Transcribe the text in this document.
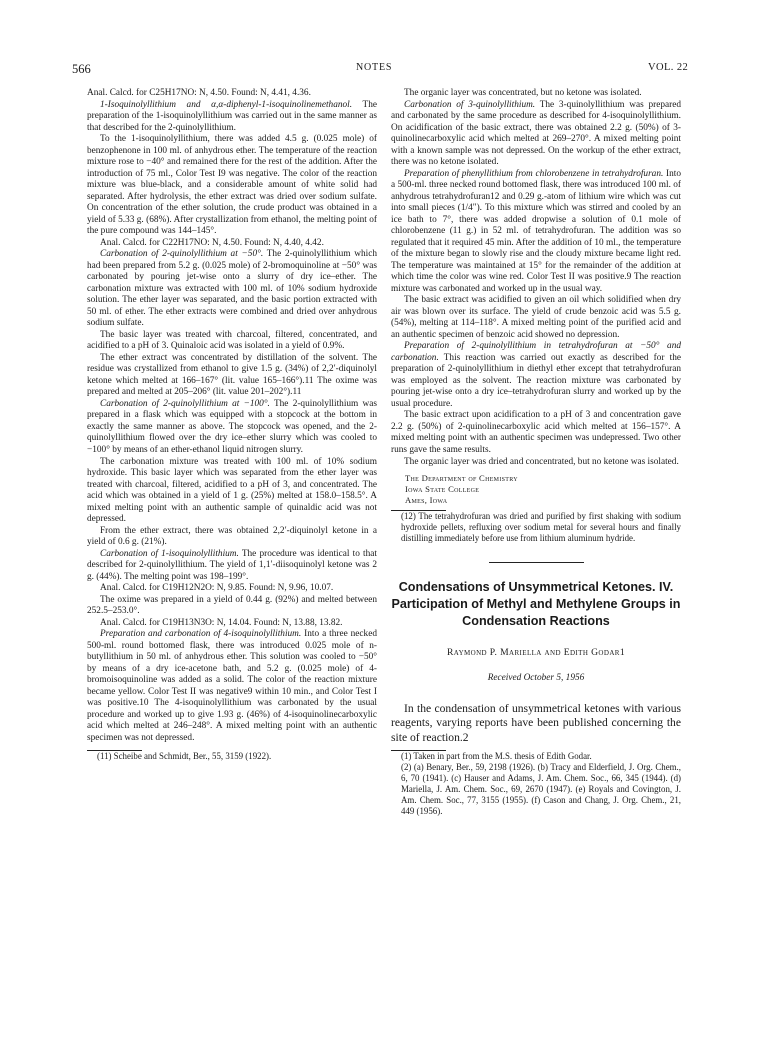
566	NOTES	VOL. 22

Anal. Calcd. for C25H17NO: N, 4.50. Found: N, 4.41, 4.36.

1-Isoquinolyllithium and α,α-diphenyl-1-isoquinolinemethanol. The preparation of the 1-isoquinolyllithium was carried out in the same manner as that described for the 2-quinolyllithium.

To the 1-isoquinolyllithium, there was added 4.5 g. (0.025 mole) of benzophenone in 100 ml. of anhydrous ether. The temperature of the reaction mixture rose to −40° and remained there for the rest of the addition. After the introduction of 75 ml., Color Test I9 was negative. The color of the reaction mixture was blue-black, and a considerable amount of white solid had separated. After hydrolysis, the ether extract was dried over sodium sulfate. On concentration of the ether solution, the crude product was obtained in a yield of 5.33 g. (68%). After crystallization from ethanol, the melting point of the pure compound was 144–145°.

Anal. Calcd. for C22H17NO: N, 4.50. Found: N, 4.40, 4.42.

Carbonation of 2-quinolyllithium at −50°. The 2-quinolyllithium which had been prepared from 5.2 g. (0.025 mole) of 2-bromoquinoline at −50° was carbonated by pouring jet-wise onto a slurry of dry ice–ether. The carbonation mixture was extracted with 100 ml. of 10% sodium hydroxide solution. The ether layer was separated, and the basic portion extracted with 50 ml. of ether. The ether extracts were combined and dried over anhydrous sodium sulfate.

The basic layer was treated with charcoal, filtered, concentrated, and acidified to a pH of 3. Quinaloic acid was isolated in a yield of 0.9%.

The ether extract was concentrated by distillation of the solvent. The residue was crystallized from ethanol to give 1.5 g. (34%) of 2,2′-diquinolyl ketone which melted at 166–167° (lit. value 165–166°).11 The oxime was prepared and melted at 205–206° (lit. value 201–202°).11

Carbonation of 2-quinolyllithium at −100°. The 2-quinolyllithium was prepared in a flask which was equipped with a stopcock at the bottom in exactly the same manner as above. The stopcock was opened, and the 2-quinolyllithium flowed over the dry ice–ether slurry which was cooled to −100° by means of an ether-ethanol liquid nitrogen slurry.

The carbonation mixture was treated with 100 ml. of 10% sodium hydroxide. This basic layer which was separated from the ether layer was treated with charcoal, filtered, acidified to a pH of 3, and concentrated. The acid which was obtained in a yield of 1 g. (25%) melted at 158.0–158.5°. A mixed melting point with an authentic sample of quinaldic acid was not depressed.

From the ether extract, there was obtained 2,2′-diquinolyl ketone in a yield of 0.6 g. (21%).

Carbonation of 1-isoquinolyllithium. The procedure was identical to that described for 2-quinolyllithium. The yield of 1,1′-diisoquinolyl ketone was 2 g. (44%). The melting point was 198–199°.

Anal. Calcd. for C19H12N2O: N, 9.85. Found: N, 9.96, 10.07.

The oxime was prepared in a yield of 0.44 g. (92%) and melted between 252.5–253.0°.

Anal. Calcd. for C19H13N3O: N, 14.04. Found: N, 13.88, 13.82.

Preparation and carbonation of 4-isoquinolyllithium. Into a three necked 500-ml. round bottomed flask, there was introduced 0.025 mole of n-butyllithium in 50 ml. of anhydrous ether. This solution was cooled to −50° by means of a dry ice-acetone bath, and 5.2 g. (0.025 mole) of 4-bromoisoquinoline was added as a solid. The color of the reaction mixture became yellow. Color Test II was negative9 within 10 min., and Color Test I was positive.10 The 4-isoquinolyllithium was carbonated by the usual procedure and worked up to give 1.93 g. (46%) of 4-isoquinolinecarboxylic acid which melted at 246–248°. A mixed melting point with an authentic specimen was not depressed.

(11) Scheibe and Schmidt, Ber., 55, 3159 (1922).

The organic layer was concentrated, but no ketone was isolated.

Carbonation of 3-quinolyllithium. The 3-quinolyllithium was prepared and carbonated by the same procedure as described for 4-isoquinolyllithium. On acidification of the basic extract, there was obtained 2.2 g. (50%) of 3-quinolinecarboxylic acid which melted at 269–270°. A mixed melting point with a known sample was not depressed. On the workup of the ether extract, there was no ketone isolated.

Preparation of phenyllithium from chlorobenzene in tetrahydrofuran. Into a 500-ml. three necked round bottomed flask, there was introduced 100 ml. of anhydrous tetrahydrofuran12 and 0.29 g.-atom of lithium wire which was cut into small pieces (1/4"). To this mixture which was stirred and cooled by an ice bath to 7°, there was added dropwise a solution of 0.1 mole of chlorobenzene (11 g.) in 52 ml. of tetrahydrofuran. The addition was so regulated that it required 45 min. After the addition of 10 ml., the temperature of the mixture began to slowly rise and the cloudy mixture became light red. The temperature was maintained at 15° for the remainder of the addition at which time the color was wine red. Color Test II was positive.9 The reaction mixture was carbonated and worked up in the usual way.

The basic extract was acidified to given an oil which solidified when dry air was blown over its surface. The yield of crude benzoic acid was 5.5 g. (54%), melting at 114–118°. A mixed melting point of the purified acid and an authentic specimen of benzoic acid showed no depression.

Preparation of 2-quinolyllithium in tetrahydrofuran at −50° and carbonation. This reaction was carried out exactly as described for the preparation of 2-quinolyllithium in diethyl ether except that tetrahydrofuran was employed as the solvent. The reaction mixture was carbonated by pouring jet-wise onto a dry ice–tetrahydrofuran slurry and worked up by the usual procedure.

The basic extract upon acidification to a pH of 3 and concentration gave 2.2 g. (50%) of 2-quinolinecarboxylic acid which melted at 156–157°. A mixed melting point with an authentic specimen was undepressed. Two other runs gave the same results.

The organic layer was dried and concentrated, but no ketone was isolated.

The Department of Chemistry
Iowa State College
Ames, Iowa

(12) The tetrahydrofuran was dried and purified by first shaking with sodium hydroxide pellets, refluxing over sodium metal for several hours and finally distilling immediately before use from lithium aluminum hydride.

Condensations of Unsymmetrical Ketones. IV. Participation of Methyl and Methylene Groups in Condensation Reactions
Raymond P. Mariella and Edith Godar1
Received October 5, 1956

In the condensation of unsymmetrical ketones with various reagents, varying reports have been published concerning the site of reaction.2

(1) Taken in part from the M.S. thesis of Edith Godar.

(2) (a) Benary, Ber., 59, 2198 (1926). (b) Tracy and Elderfield, J. Org. Chem., 6, 70 (1941). (c) Hauser and Adams, J. Am. Chem. Soc., 66, 345 (1944). (d) Mariella, J. Am. Chem. Soc., 69, 2670 (1947). (e) Royals and Covington, J. Am. Chem. Soc., 77, 3155 (1955). (f) Cason and Chang, J. Org. Chem., 21, 449 (1956).
